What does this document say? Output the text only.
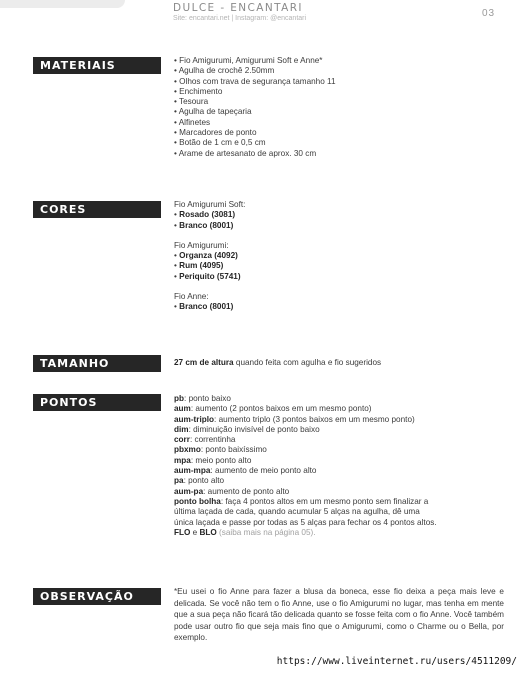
DULCE - ENCANTARI
Site: encantari.net | Instagram: @encantari	03
MATERIAIS	• Fio Amigurumi, Amigurumi Soft e Anne*
• Agulha de crochê 2.50mm
• Olhos com trava de segurança tamanho 11
• Enchimento
• Tesoura
• Agulha de tapeçaria
• Alfinetes
• Marcadores de ponto
• Botão de 1 cm e 0,5 cm
• Arame de artesanato de aprox. 30 cm
CORES	Fio Amigurumi Soft:
• Rosado (3081)
• Branco (8001)
Fio Amigurumi:
• Organza (4092)
• Rum (4095)
• Periquito (5741)
Fio Anne:
• Branco (8001)
TAMANHO	27 cm de altura quando feita com agulha e fio sugeridos
PONTOS	pb: ponto baixo
aum: aumento (2 pontos baixos em um mesmo ponto)
aum-triplo: aumento triplo (3 pontos baixos em um mesmo ponto)
dim: diminuição invisível de ponto baixo
corr: correntinha
pbxmo: ponto baixíssimo
mpa: meio ponto alto
aum-mpa: aumento de meio ponto alto
pa: ponto alto
aum-pa: aumento de ponto alto
ponto bolha: faça 4 pontos altos em um mesmo ponto sem finalizar a
última laçada de cada, quando acumular 5 alças na agulha, dê uma
única laçada e passe por todas as 5 alças para fechar os 4 pontos altos.
FLO e BLO (saiba mais na página 05).
OBSERVAÇÃO	*Eu usei o fio Anne para fazer a blusa da boneca, esse fio deixa a peça mais leve e delicada. Se você não tem o fio Anne, use o fio Amigurumi no lugar, mas tenha em mente que a sua peça não ficará tão delicada quanto se fosse feita com o fio Anne. Você também pode usar outro fio que seja mais fino que o Amigurumi, como o Charme ou o Bella, por exemplo.
https://www.liveinternet.ru/users/4511209/
